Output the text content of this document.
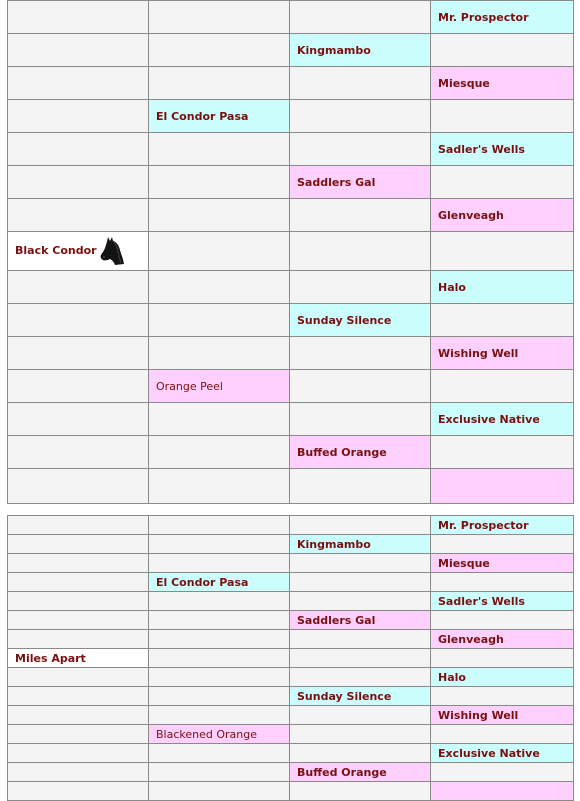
			Mr. Prospector
		Kingmambo	
			Miesque
	El Condor Pasa		
			Sadler's Wells
		Saddlers Gal	
			Glenveagh
Black Condor			
			Halo
		Sunday Silence	
			Wishing Well
	Orange Peel		
			Exclusive Native
		Buffed Orange	

			Mr. Prospector
		Kingmambo	
			Miesque
	El Condor Pasa		
			Sadler's Wells
		Saddlers Gal	
			Glenveagh
Miles Apart			
			Halo
		Sunday Silence	
			Wishing Well
	Blackened Orange		
			Exclusive Native
		Buffed Orange	
